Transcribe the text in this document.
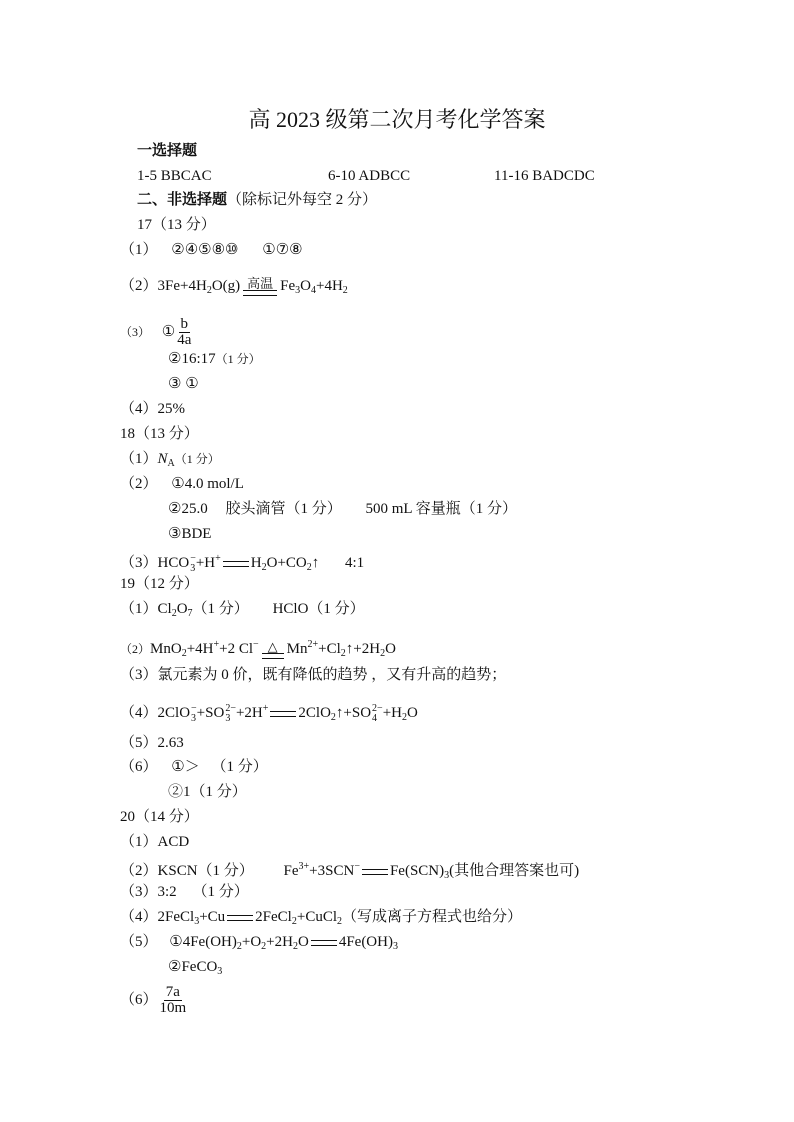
高 2023 级第二次月考化学答案
一选择题
1-5 BBCAC	6-10 ADBCC	11-16 BADCDC
二、非选择题（除标记外每空 2 分）
17（13 分）
（1） ②④⑤⑧⑩ ①⑦⑧
$(2)3Fe+4H_2O(g)$ 高温 $Fe_3O_4+4H_2$
（3） ① $\frac{b}{4a}$
②16:17（1 分）
③ ①
（4）25%
18（13 分）
$(1)N_A(1$ 分）
（2） ①4.0 mol/L
②25.0 胶头滴管（1 分） 500 mL 容量瓶（1 分）
③BDE
（3）HCO −
3 +H+ $H_2O+CO_2↑$ 4:1
19（12 分）
$(1)Cl_2O_7(1$ 分） HClO（1 分）
（2）MnO$_2$+4H++2 Cl− △ $Mn^{2+}+Cl_2↑+2H_2O$
（3）氯元素为 0 价，既有降低的趋势 ，又有升高的趋势；
（4）2ClO −
3 +SO 2−
3 +2H+ 2ClO$_2$↑+SO 2−
$4 +H_2O$
（5）2.63
（6） ①＞ （1 分）
②1（1 分）
20（14 分）
（1）ACD
（2）KSCN（1 分） $Fe^{3+}+3SCN^-$ $Fe(SCN)_3$(其他合理答案也可)
（3）3:2 （1 分）
（4）2FeCl$_3$+Cu 2FeCl$_2$+CuCl$_2$（写成离子方程式也给分）
（5） $①4Fe(OH)_2+O_2+2H_2O$ $4Fe(OH)_3$
②FeCO$_3$
$(6) \frac{7a}{10m}$
